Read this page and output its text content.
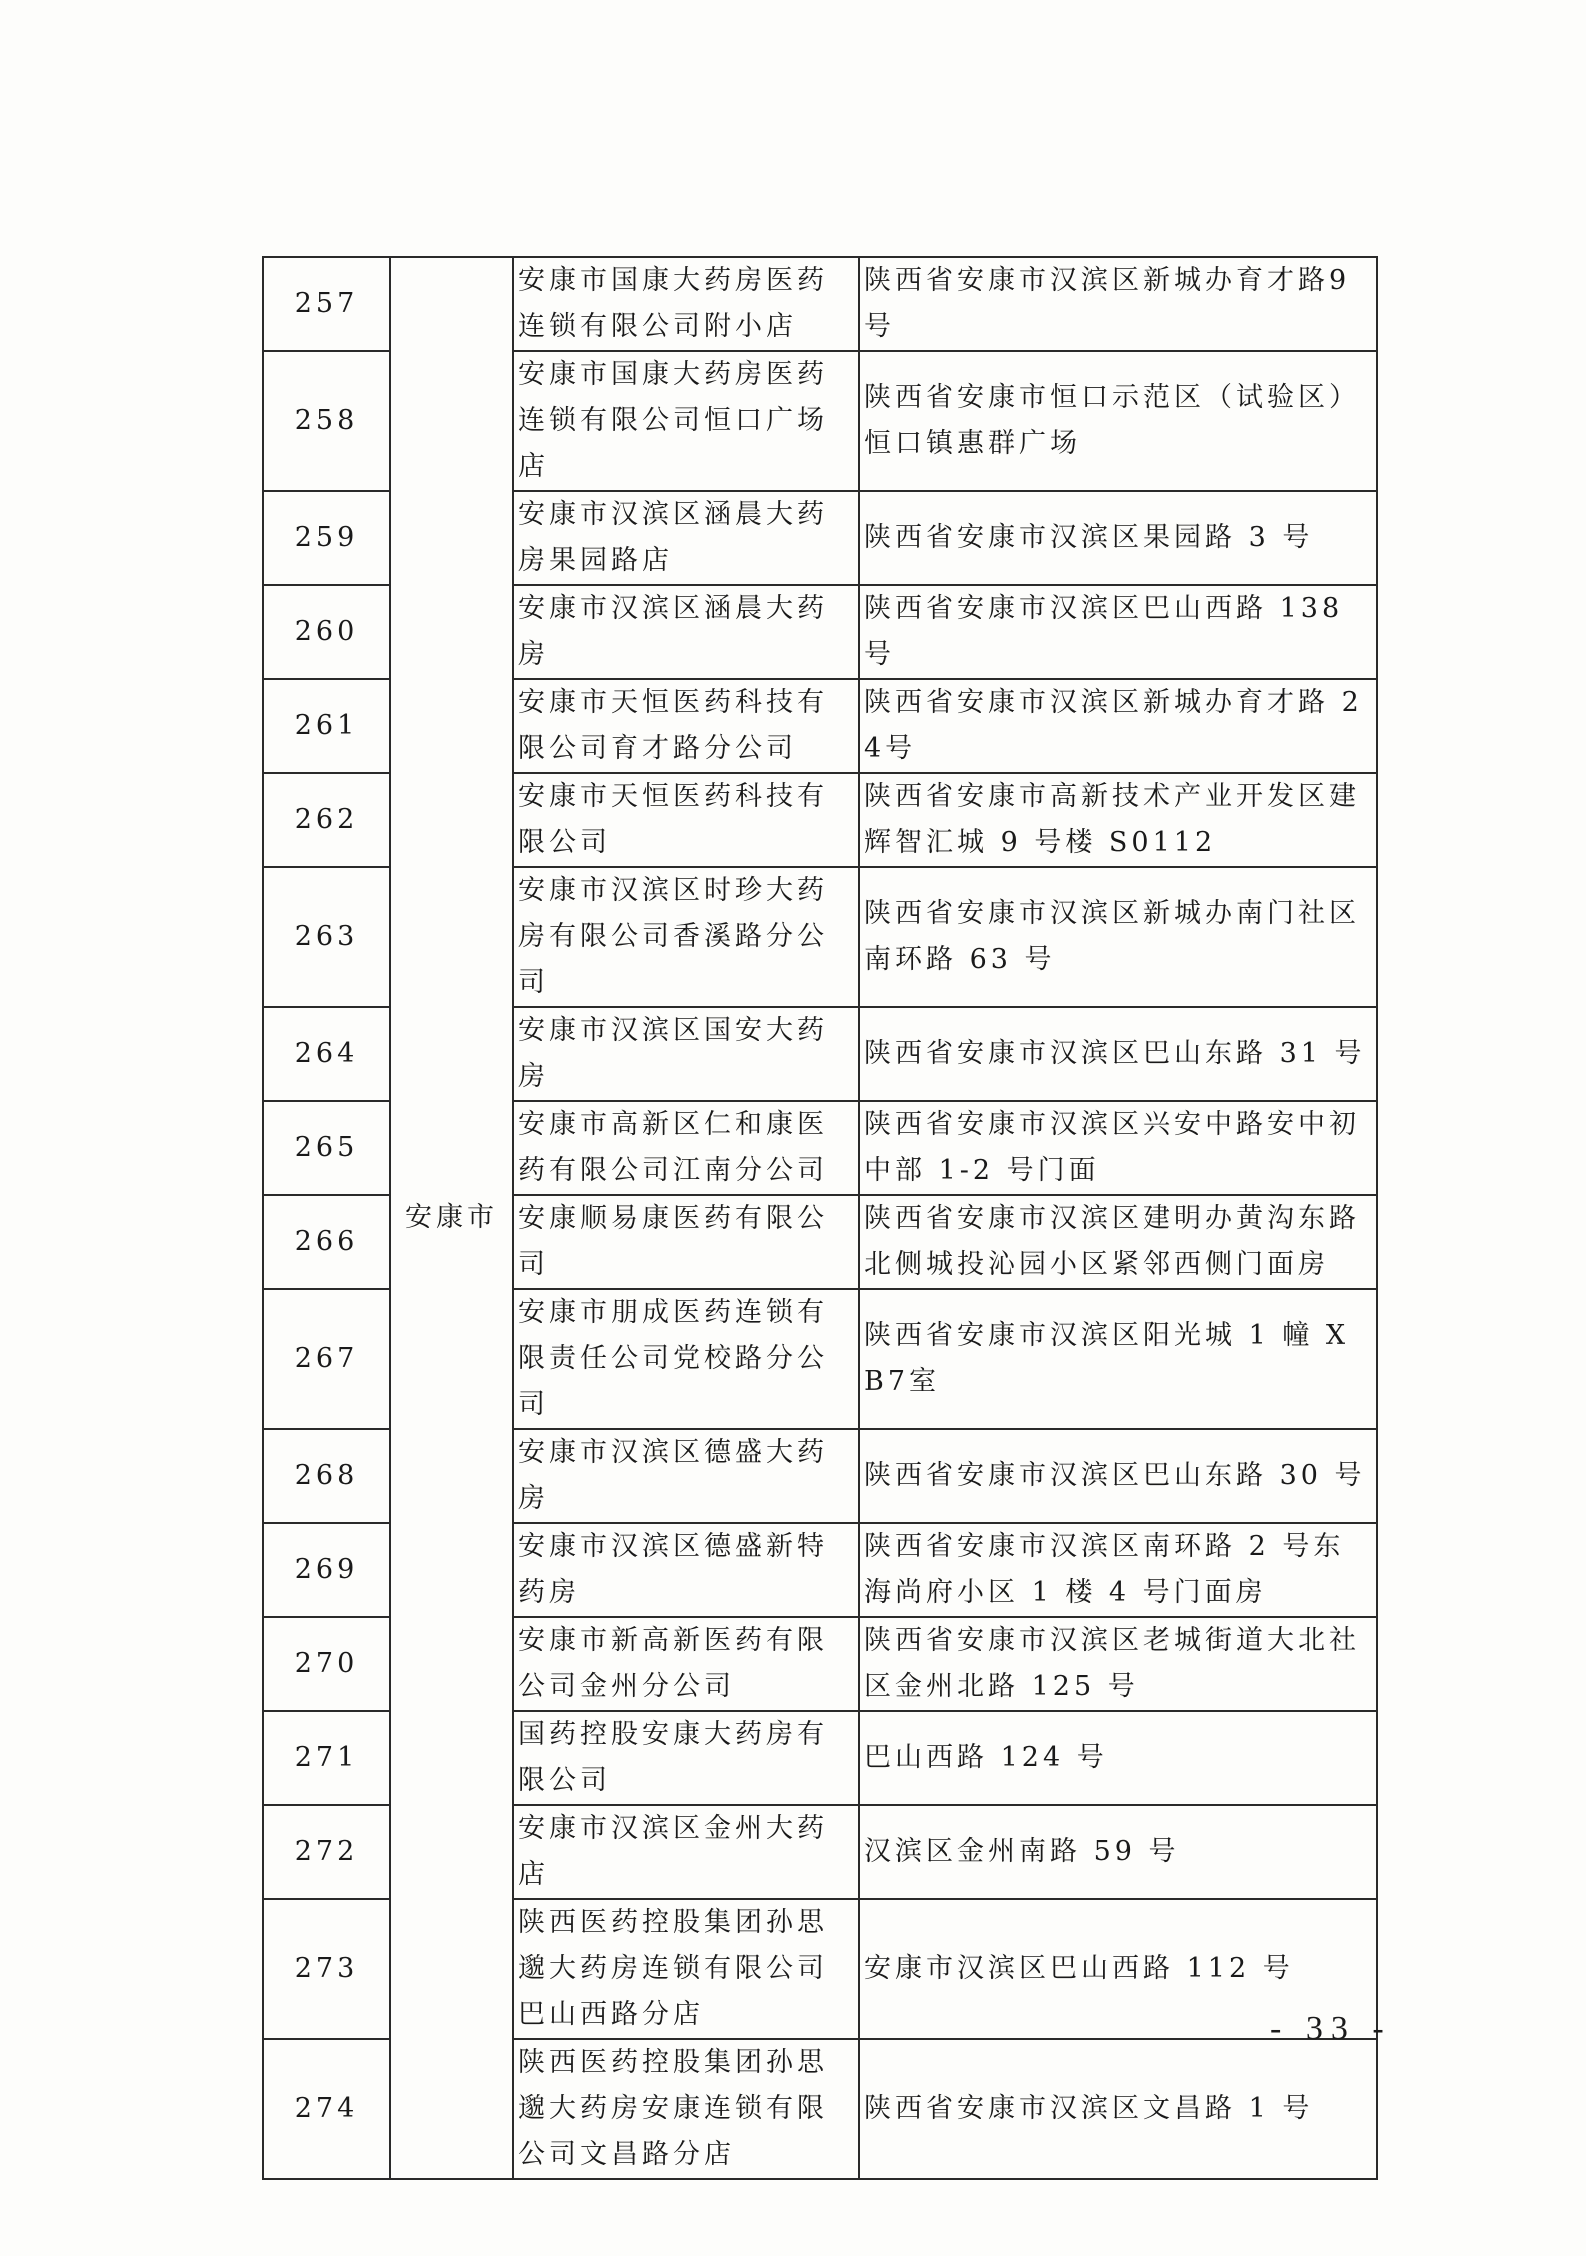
257	安康市	安康市国康大药房医药连锁有限公司附小店	陕西省安康市汉滨区新城办育才路9号
258		安康市国康大药房医药连锁有限公司恒口广场店	陕西省安康市恒口示范区（试验区）恒口镇惠群广场
259		安康市汉滨区涵晨大药房果园路店	陕西省安康市汉滨区果园路 3 号
260		安康市汉滨区涵晨大药房	陕西省安康市汉滨区巴山西路 138 号
261		安康市天恒医药科技有限公司育才路分公司	陕西省安康市汉滨区新城办育才路 24号
262		安康市天恒医药科技有限公司	陕西省安康市高新技术产业开发区建辉智汇城 9 号楼 S0112
263		安康市汉滨区时珍大药房有限公司香溪路分公司	陕西省安康市汉滨区新城办南门社区南环路 63 号
264		安康市汉滨区国安大药房	陕西省安康市汉滨区巴山东路 31 号
265		安康市高新区仁和康医药有限公司江南分公司	陕西省安康市汉滨区兴安中路安中初中部 1-2 号门面
266		安康顺易康医药有限公司	陕西省安康市汉滨区建明办黄沟东路北侧城投沁园小区紧邻西侧门面房
267		安康市朋成医药连锁有限责任公司党校路分公司	陕西省安康市汉滨区阳光城 1 幢 XB7室
268		安康市汉滨区德盛大药房	陕西省安康市汉滨区巴山东路 30 号
269		安康市汉滨区德盛新特药房	陕西省安康市汉滨区南环路 2 号东海尚府小区 1 楼 4 号门面房
270		安康市新高新医药有限公司金州分公司	陕西省安康市汉滨区老城街道大北社区金州北路 125 号
271		国药控股安康大药房有限公司	巴山西路 124 号
272		安康市汉滨区金州大药店	汉滨区金州南路 59 号
273		陕西医药控股集团孙思邈大药房连锁有限公司巴山西路分店	安康市汉滨区巴山西路 112 号
274		陕西医药控股集团孙思邈大药房安康连锁有限公司文昌路分店	陕西省安康市汉滨区文昌路 1 号
- 33 -
